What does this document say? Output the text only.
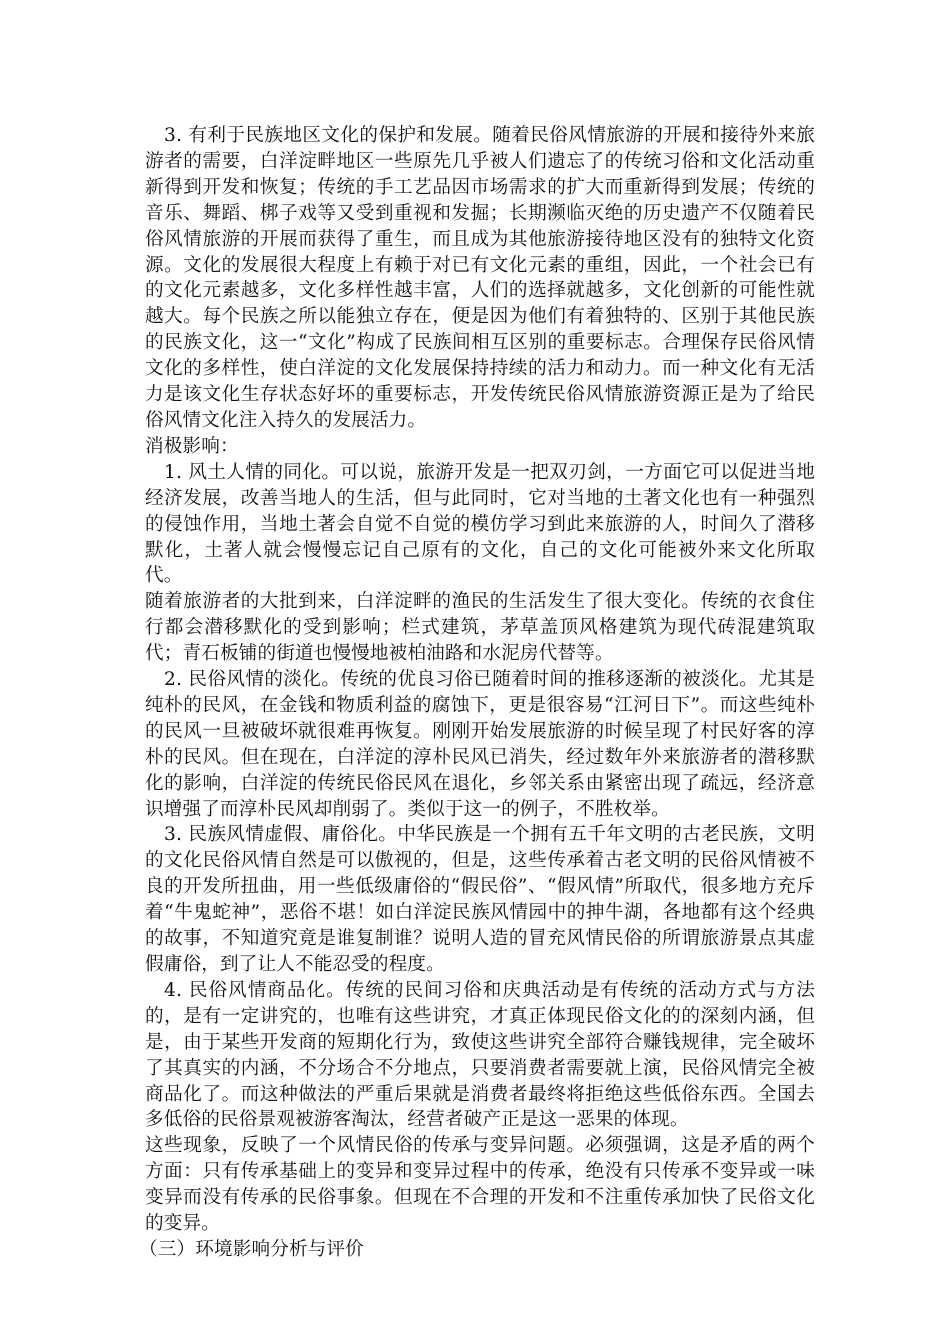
3. 有利于民族地区文化的保护和发展。随着民俗风情旅游的开展和接待外来旅游者的需要，白洋淀畔地区一些原先几乎被人们遗忘了的传统习俗和文化活动重新得到开发和恢复；传统的手工艺品因市场需求的扩大而重新得到发展；传统的音乐、舞蹈、梆子戏等又受到重视和发掘；长期濒临灭绝的历史遗产不仅随着民俗风情旅游的开展而获得了重生，而且成为其他旅游接待地区没有的独特文化资源。文化的发展很大程度上有赖于对已有文化元素的重组，因此，一个社会已有的文化元素越多，文化多样性越丰富，人们的选择就越多，文化创新的可能性就越大。每个民族之所以能独立存在，便是因为他们有着独特的、区别于其他民族的民族文化，这一“文化”构成了民族间相互区别的重要标志。合理保存民俗风情文化的多样性，使白洋淀的文化发展保持持续的活力和动力。而一种文化有无活力是该文化生存状态好坏的重要标志，开发传统民俗风情旅游资源正是为了给民俗风情文化注入持久的发展活力。

消极影响：

1. 风土人情的同化。可以说，旅游开发是一把双刃剑，一方面它可以促进当地经济发展，改善当地人的生活，但与此同时，它对当地的土著文化也有一种强烈的侵蚀作用，当地土著会自觉不自觉的模仿学习到此来旅游的人，时间久了潜移默化，土著人就会慢慢忘记自己原有的文化，自己的文化可能被外来文化所取代。

随着旅游者的大批到来，白洋淀畔的渔民的生活发生了很大变化。传统的衣食住行都会潜移默化的受到影响；栏式建筑，茅草盖顶风格建筑为现代砖混建筑取代；青石板铺的街道也慢慢地被柏油路和水泥房代替等。

2. 民俗风情的淡化。传统的优良习俗已随着时间的推移逐渐的被淡化。尤其是纯朴的民风，在金钱和物质利益的腐蚀下，更是很容易“江河日下”。而这些纯朴的民风一旦被破坏就很难再恢复。刚刚开始发展旅游的时候呈现了村民好客的淳朴的民风。但在现在，白洋淀的淳朴民风已消失，经过数年外来旅游者的潜移默化的影响，白洋淀的传统民俗民风在退化，乡邻关系由紧密出现了疏远，经济意识增强了而淳朴民风却削弱了。类似于这一的例子，不胜枚举。

3. 民族风情虚假、庸俗化。中华民族是一个拥有五千年文明的古老民族，文明的文化民俗风情自然是可以傲视的，但是，这些传承着古老文明的民俗风情被不良的开发所扭曲，用一些低级庸俗的“假民俗”、“假风情”所取代，很多地方充斥着“牛鬼蛇神”，恶俗不堪！如白洋淀民族风情园中的抻牛湖，各地都有这个经典的故事，不知道究竟是谁复制谁？说明人造的冒充风情民俗的所谓旅游景点其虚假庸俗，到了让人不能忍受的程度。

4. 民俗风情商品化。传统的民间习俗和庆典活动是有传统的活动方式与方法的，是有一定讲究的，也唯有这些讲究，才真正体现民俗文化的的深刻内涵，但是，由于某些开发商的短期化行为，致使这些讲究全部符合赚钱规律，完全破坏了其真实的内涵，不分场合不分地点，只要消费者需要就上演，民俗风情完全被商品化了。而这种做法的严重后果就是消费者最终将拒绝这些低俗东西。全国去多低俗的民俗景观被游客淘汰，经营者破产正是这一恶果的体现。

这些现象，反映了一个风情民俗的传承与变异问题。必须强调，这是矛盾的两个方面：只有传承基础上的变异和变异过程中的传承，绝没有只传承不变异或一味变异而没有传承的民俗事象。但现在不合理的开发和不注重传承加快了民俗文化的变异。

（三）环境影响分析与评价
